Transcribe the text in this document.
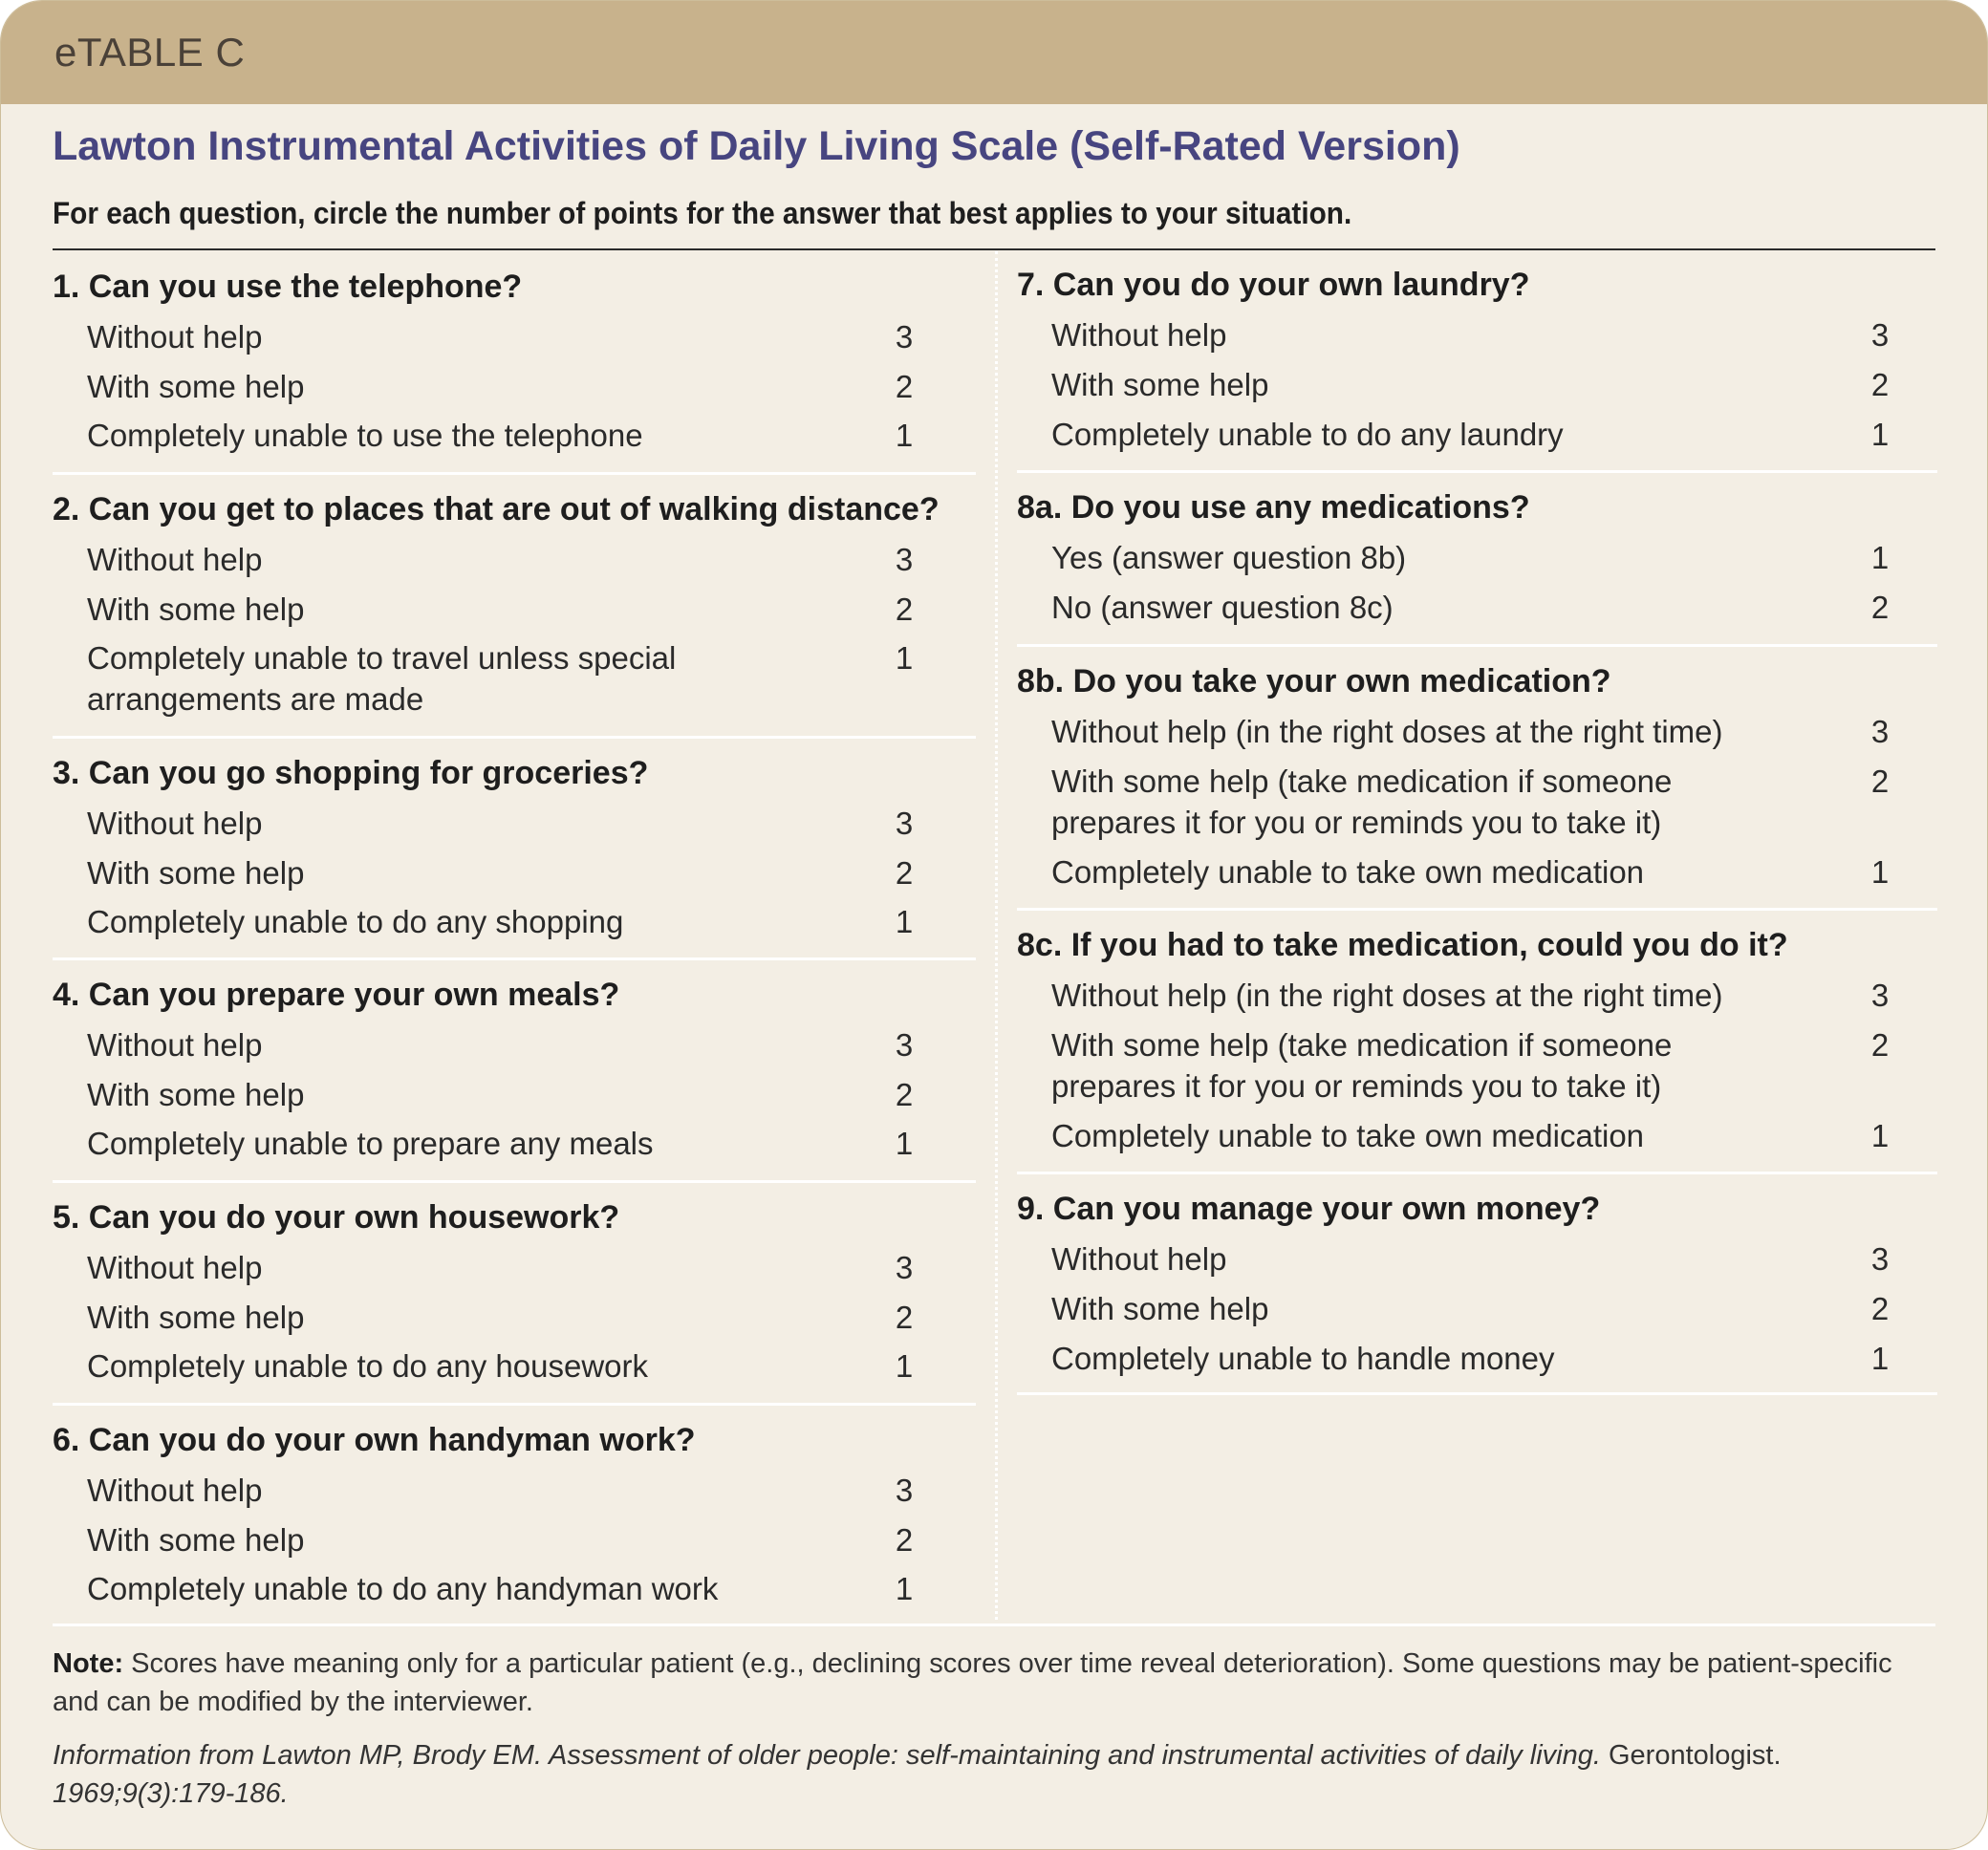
eTABLE C
Lawton Instrumental Activities of Daily Living Scale (Self-Rated Version)
For each question, circle the number of points for the answer that best applies to your situation.
1. Can you use the telephone?
Without help	3
With some help	2
Completely unable to use the telephone	1
2. Can you get to places that are out of walking distance?
Without help	3
With some help	2
Completely unable to travel unless special	1
arrangements are made
3. Can you go shopping for groceries?
Without help	3
With some help	2
Completely unable to do any shopping	1
4. Can you prepare your own meals?
Without help	3
With some help	2
Completely unable to prepare any meals	1
5. Can you do your own housework?
Without help	3
With some help	2
Completely unable to do any housework	1
6. Can you do your own handyman work?
Without help	3
With some help	2
Completely unable to do any handyman work	1
7. Can you do your own laundry?
Without help	3
With some help	2
Completely unable to do any laundry	1
8a. Do you use any medications?
Yes (answer question 8b)	1
No (answer question 8c)	2
8b. Do you take your own medication?
Without help (in the right doses at the right time)	3
With some help (take medication if someone	2
prepares it for you or reminds you to take it)
Completely unable to take own medication	1
8c. If you had to take medication, could you do it?
Without help (in the right doses at the right time)	3
With some help (take medication if someone	2
prepares it for you or reminds you to take it)
Completely unable to take own medication	1
9. Can you manage your own money?
Without help	3
With some help	2
Completely unable to handle money	1
Note: Scores have meaning only for a particular patient (e.g., declining scores over time reveal deterioration). Some questions may be patient-specific and can be modified by the interviewer.
Information from Lawton MP, Brody EM. Assessment of older people: self-maintaining and instrumental activities of daily living. Gerontologist. 1969;9(3):179-186.
